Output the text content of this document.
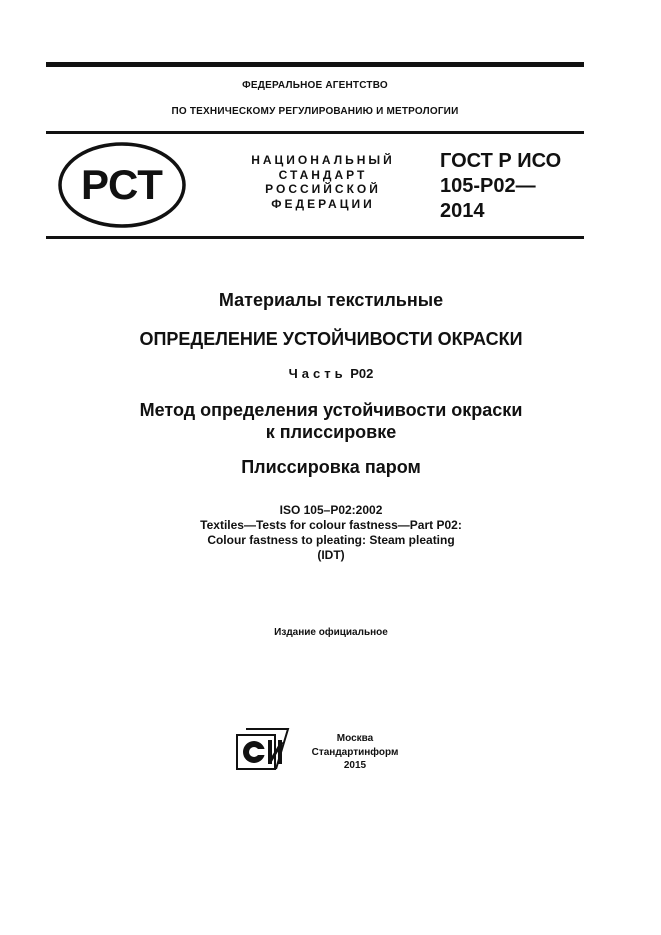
ФЕДЕРАЛЬНОЕ АГЕНТСТВО
ПО ТЕХНИЧЕСКОМУ РЕГУЛИРОВАНИЮ И МЕТРОЛОГИИ
РСТ
НАЦИОНАЛЬНЫЙ
СТАНДАРТ
РОССИЙСКОЙ
ФЕДЕРАЦИИ
ГОСТ Р ИСО
105-P02—
2014
Материалы текстильные
ОПРЕДЕЛЕНИЕ УСТОЙЧИВОСТИ ОКРАСКИ
Часть P02
Метод определения устойчивости окраски
к плиссировке
Плиссировка паром
ISO 105–P02:2002
Textiles—Tests for colour fastness—Part P02:
Colour fastness to pleating: Steam pleating
(IDT)
Издание официальное
Москва
Стандартинформ
2015
